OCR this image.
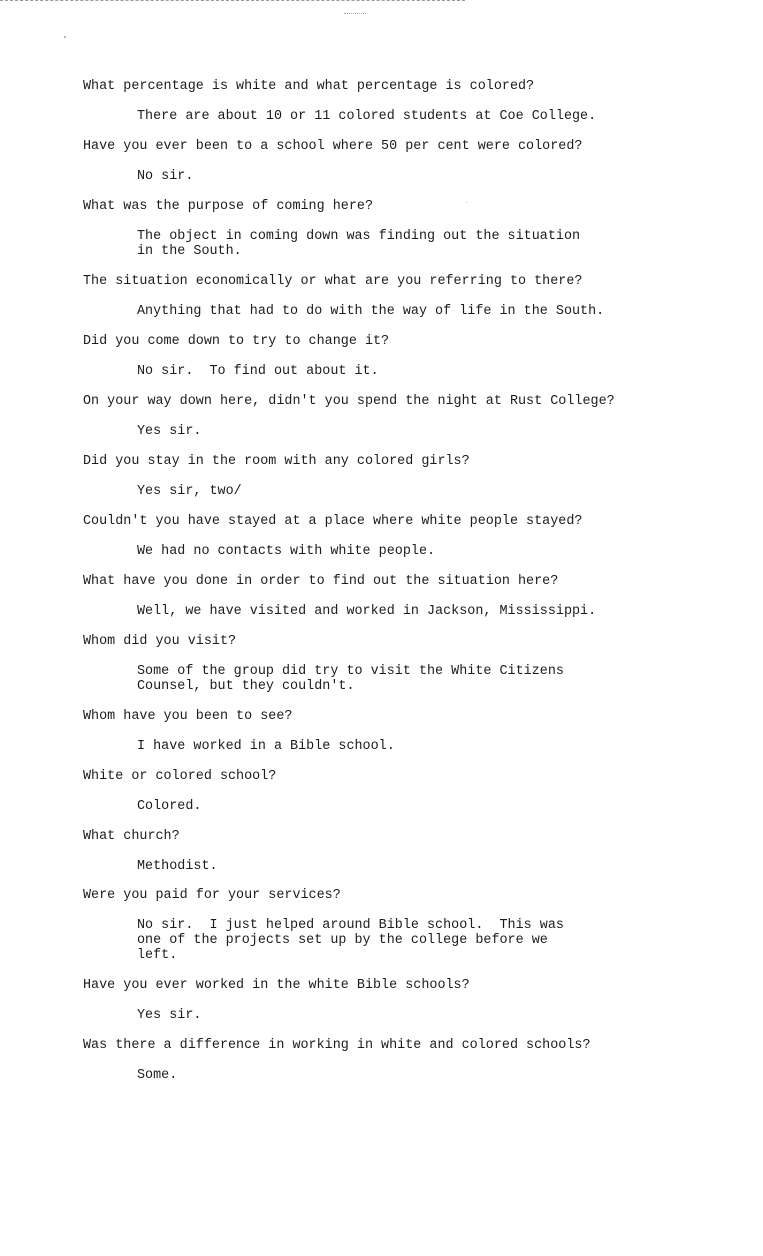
What percentage is white and what percentage is colored?

There are about 10 or 11 colored students at Coe College.

Have you ever been to a school where 50 per cent were colored?

No sir.

What was the purpose of coming here?

The object in coming down was finding out the situation
in the South.

The situation economically or what are you referring to there?

Anything that had to do with the way of life in the South.

Did you come down to try to change it?

No sir.  To find out about it.

On your way down here, didn't you spend the night at Rust College?

Yes sir.

Did you stay in the room with any colored girls?

Yes sir, two/

Couldn't you have stayed at a place where white people stayed?

We had no contacts with white people.

What have you done in order to find out the situation here?

Well, we have visited and worked in Jackson, Mississippi.

Whom did you visit?

Some of the group did try to visit the White Citizens
Counsel, but they couldn't.

Whom have you been to see?

I have worked in a Bible school.

White or colored school?

Colored.

What church?

Methodist.

Were you paid for your services?

No sir.  I just helped around Bible school.  This was
one of the projects set up by the college before we
left.

Have you ever worked in the white Bible schools?

Yes sir.

Was there a difference in working in white and colored schools?

Some.
